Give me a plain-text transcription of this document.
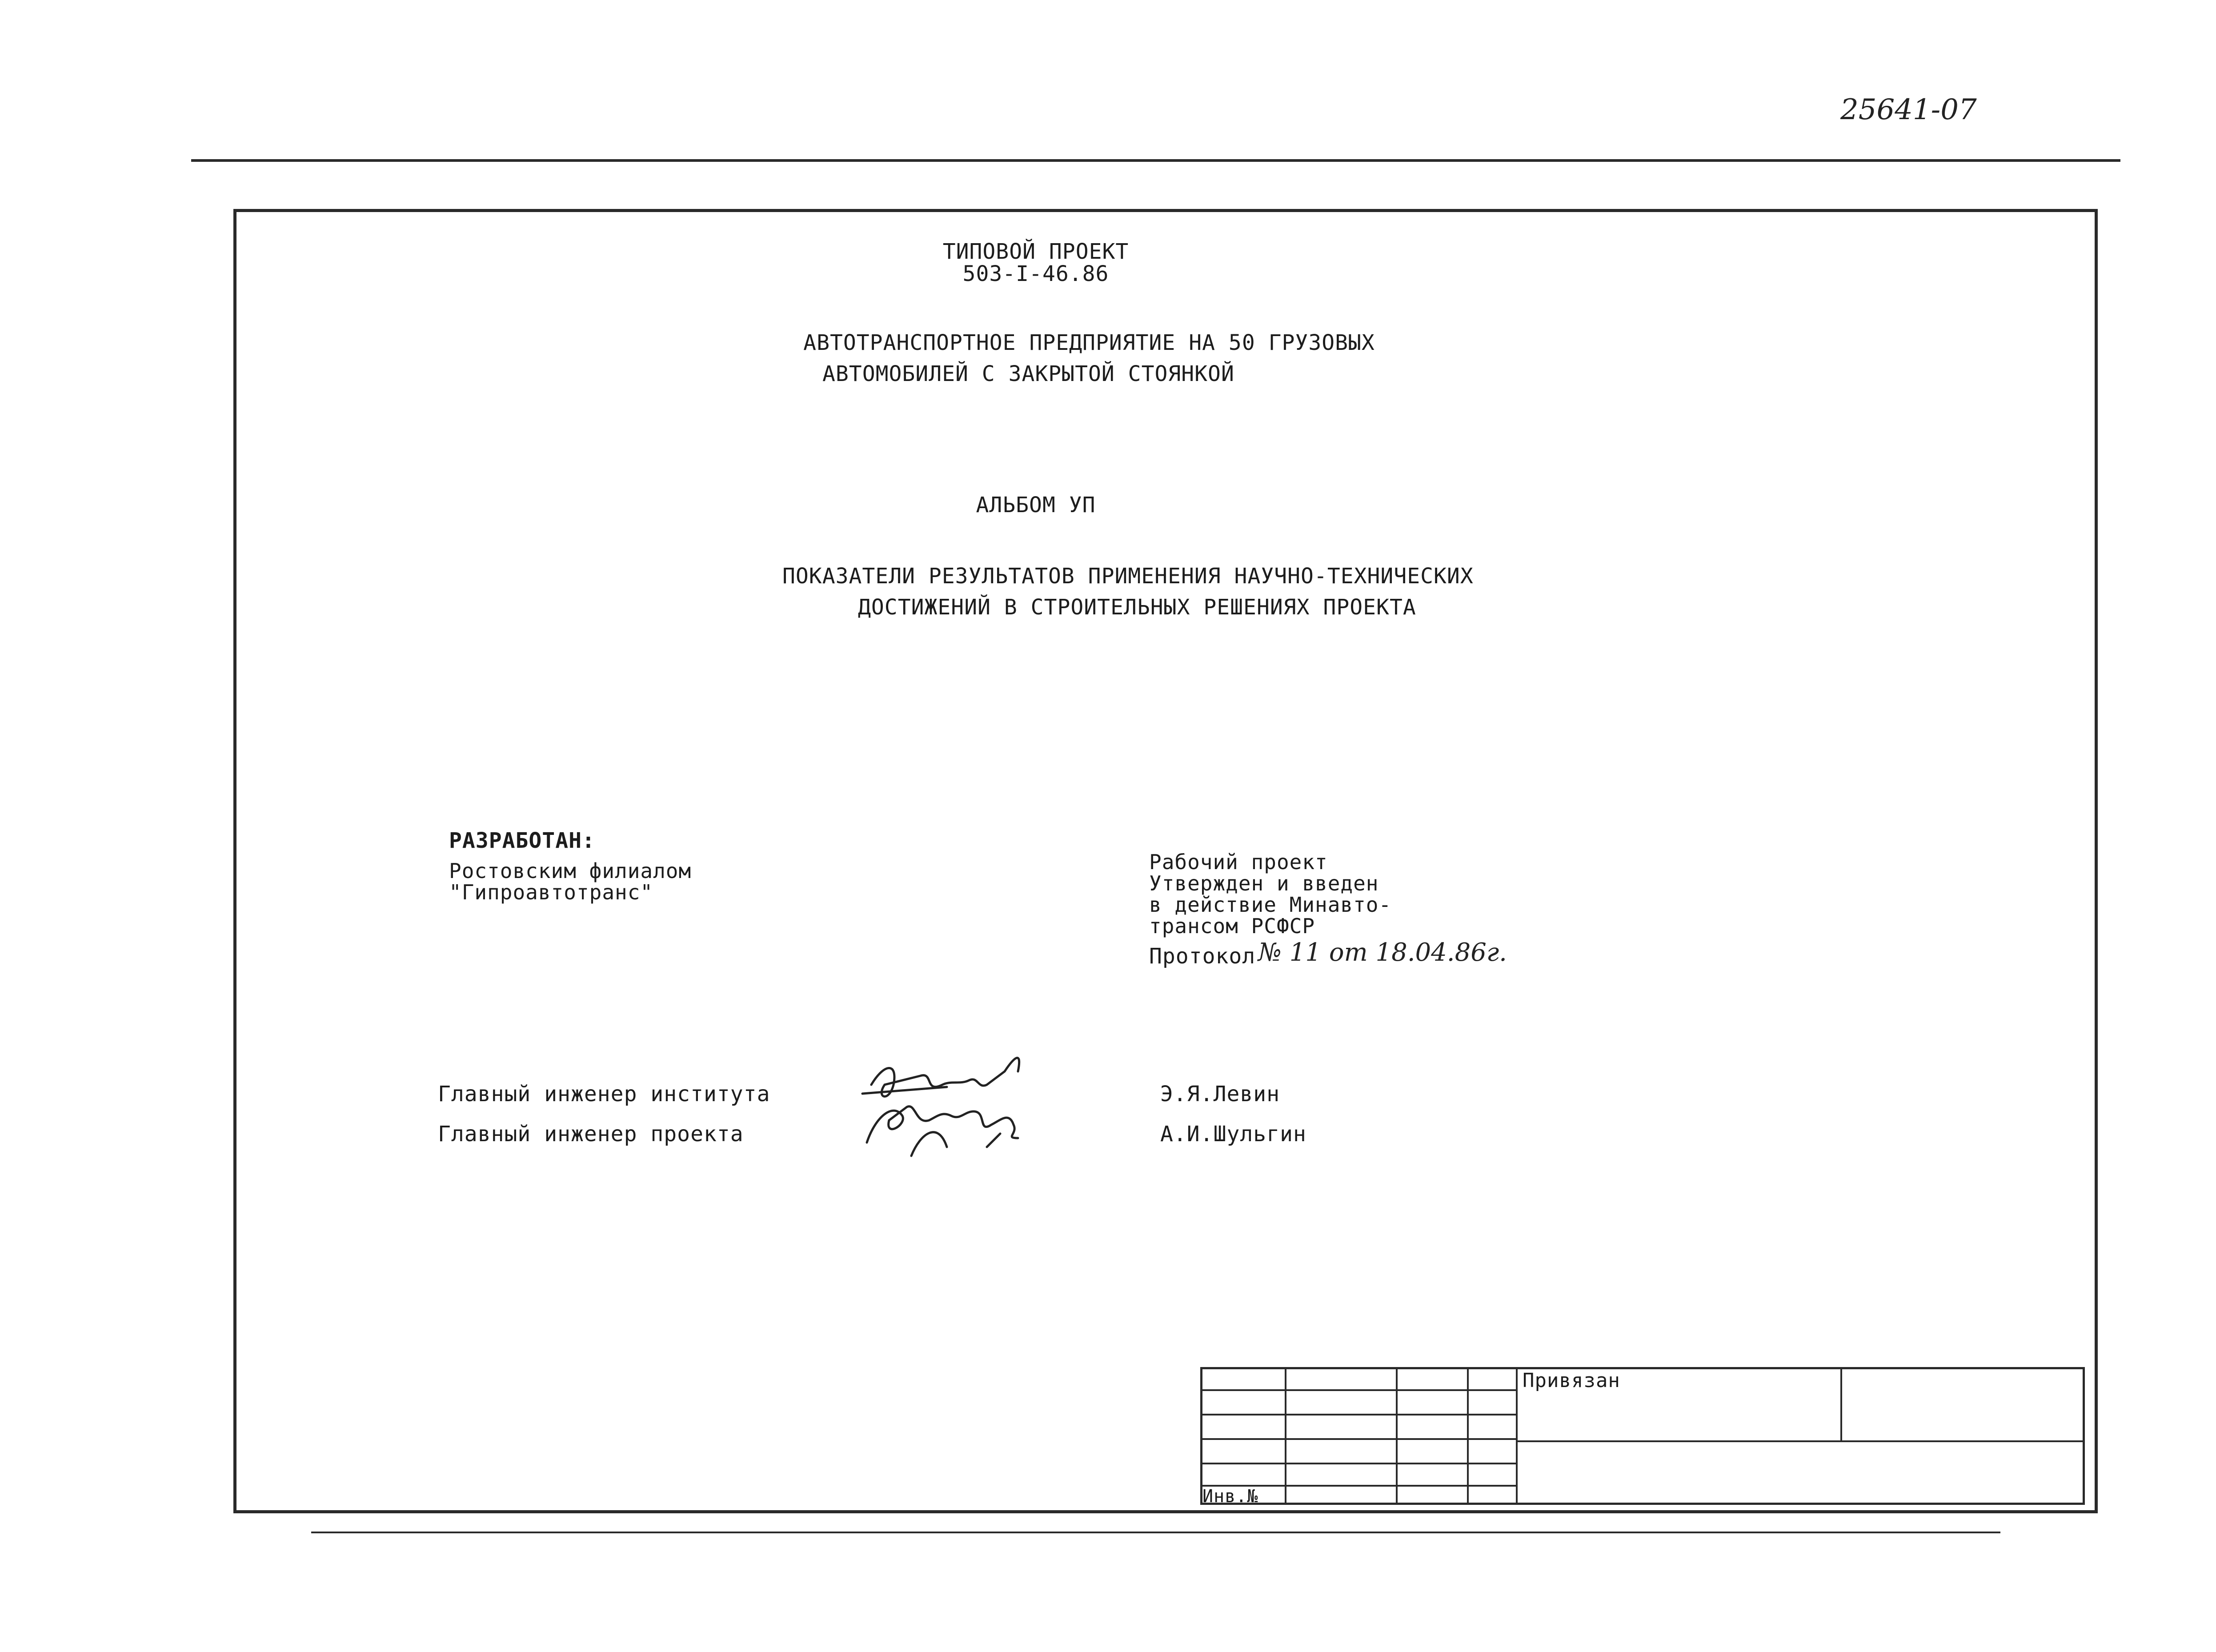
25641-07
ТИПОВОЙ ПРОЕКТ
503-I-46.86
АВТОТРАНСПОРТНОЕ ПРЕДПРИЯТИЕ НА 50 ГРУЗОВЫХ
АВТОМОБИЛЕЙ С ЗАКРЫТОЙ СТОЯНКОЙ
АЛЬБОМ УП
ПОКАЗАТЕЛИ РЕЗУЛЬТАТОВ ПРИМЕНЕНИЯ НАУЧНО-ТЕХНИЧЕСКИХ
ДОСТИЖЕНИЙ В СТРОИТЕЛЬНЫХ РЕШЕНИЯХ ПРОЕКТА
РАЗРАБОТАН:
Ростовским филиалом
"Гипроавтотранс"
Рабочий проект
Утвержден и введен
в действие Минавто-
трансом РСФСР
Протокол № 11 от 18.04.86г.
Главный инженер института	Э.Я.Левин
Главный инженер проекта	А.И.Шульгин
Привязан
Инв.№
